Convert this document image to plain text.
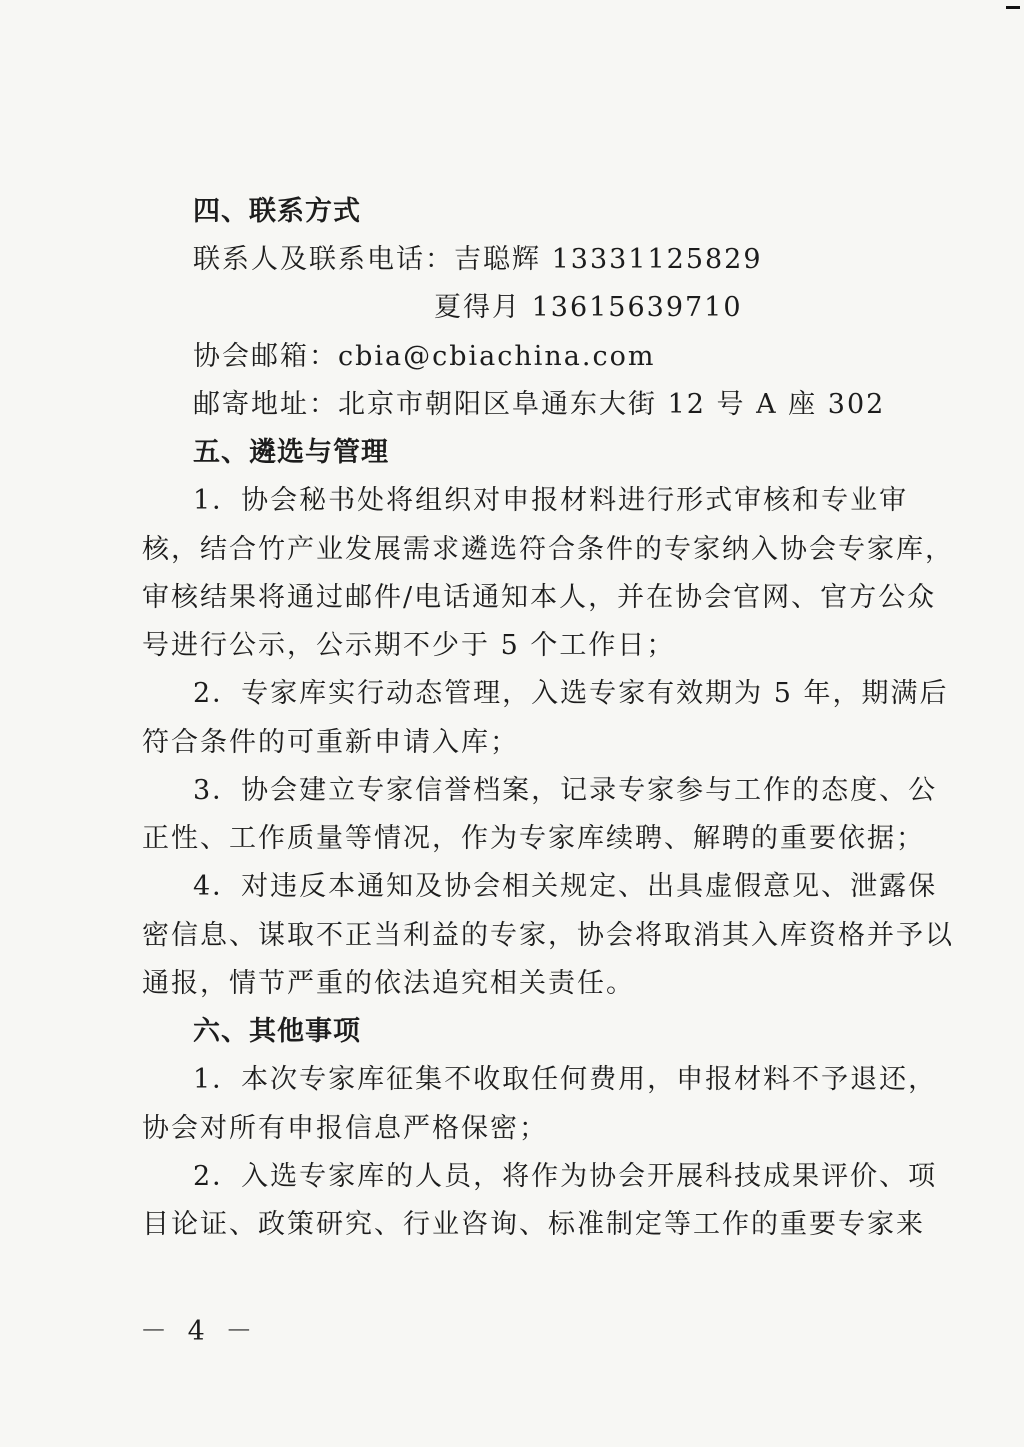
四、联系方式
联系人及联系电话：吉聪辉 13331125829
夏得月 13615639710
协会邮箱：cbia@cbiachina.com
邮寄地址：北京市朝阳区阜通东大街 12 号 A 座 302
五、遴选与管理
1．协会秘书处将组织对申报材料进行形式审核和专业审
核，结合竹产业发展需求遴选符合条件的专家纳入协会专家库，
审核结果将通过邮件/电话通知本人，并在协会官网、官方公众
号进行公示，公示期不少于 5 个工作日；
2．专家库实行动态管理，入选专家有效期为 5 年，期满后
符合条件的可重新申请入库；
3．协会建立专家信誉档案，记录专家参与工作的态度、公
正性、工作质量等情况，作为专家库续聘、解聘的重要依据；
4．对违反本通知及协会相关规定、出具虚假意见、泄露保
密信息、谋取不正当利益的专家，协会将取消其入库资格并予以
通报，情节严重的依法追究相关责任。
六、其他事项
1．本次专家库征集不收取任何费用，申报材料不予退还，
协会对所有申报信息严格保密；
2．入选专家库的人员，将作为协会开展科技成果评价、项
目论证、政策研究、行业咨询、标准制定等工作的重要专家来
－ 4 －
